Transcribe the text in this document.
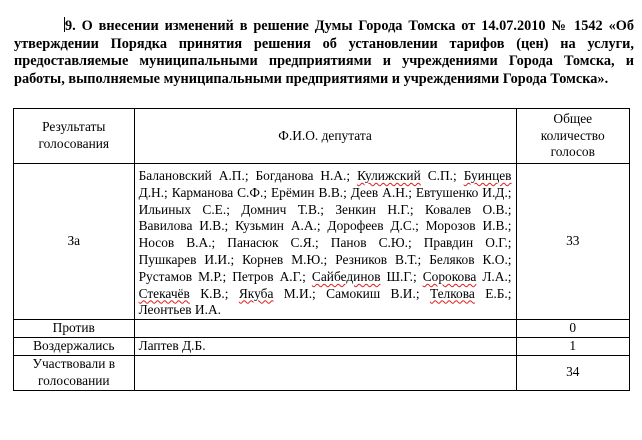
9. О внесении изменений в решение Думы Города Томска от 14.07.2010 № 1542 «Об утверждении Порядка принятия решения об установлении тарифов (цен) на услуги, предоставляемые муниципальными предприятиями и учреждениями Города Томска, и работы, выполняемые муниципальными предприятиями и учреждениями Города Томска».

Результаты голосования	Ф.И.О. депутата	Общее количество голосов
За	Балановский А.П.; Богданова Н.А.; Кулижский С.П.; Буинцев Д.Н.; Карманова С.Ф.; Ерёмин В.В.; Деев А.Н.; Евтушенко И.Д.; Ильиных С.Е.; Домнич Т.В.; Зенкин Н.Г.; Ковалев О.В.; Вавилова И.В.; Кузьмин А.А.; Дорофеев Д.С.; Морозов И.В.; Носов В.А.; Панасюк С.Я.; Панов С.Ю.; Правдин О.Г.; Пушкарев И.И.; Корнев М.Ю.; Резников В.Т.; Беляков К.О.; Рустамов М.Р.; Петров А.Г.; Сайбединов Ш.Г.; Сорокова Л.А.; Стекачёв К.В.; Якуба М.И.; Самокиш В.И.; Телкова Е.Б.; Леонтьев И.А.	33
Против		0
Воздержались	Лаптев Д.Б.	1
Участвовали в голосовании		34
